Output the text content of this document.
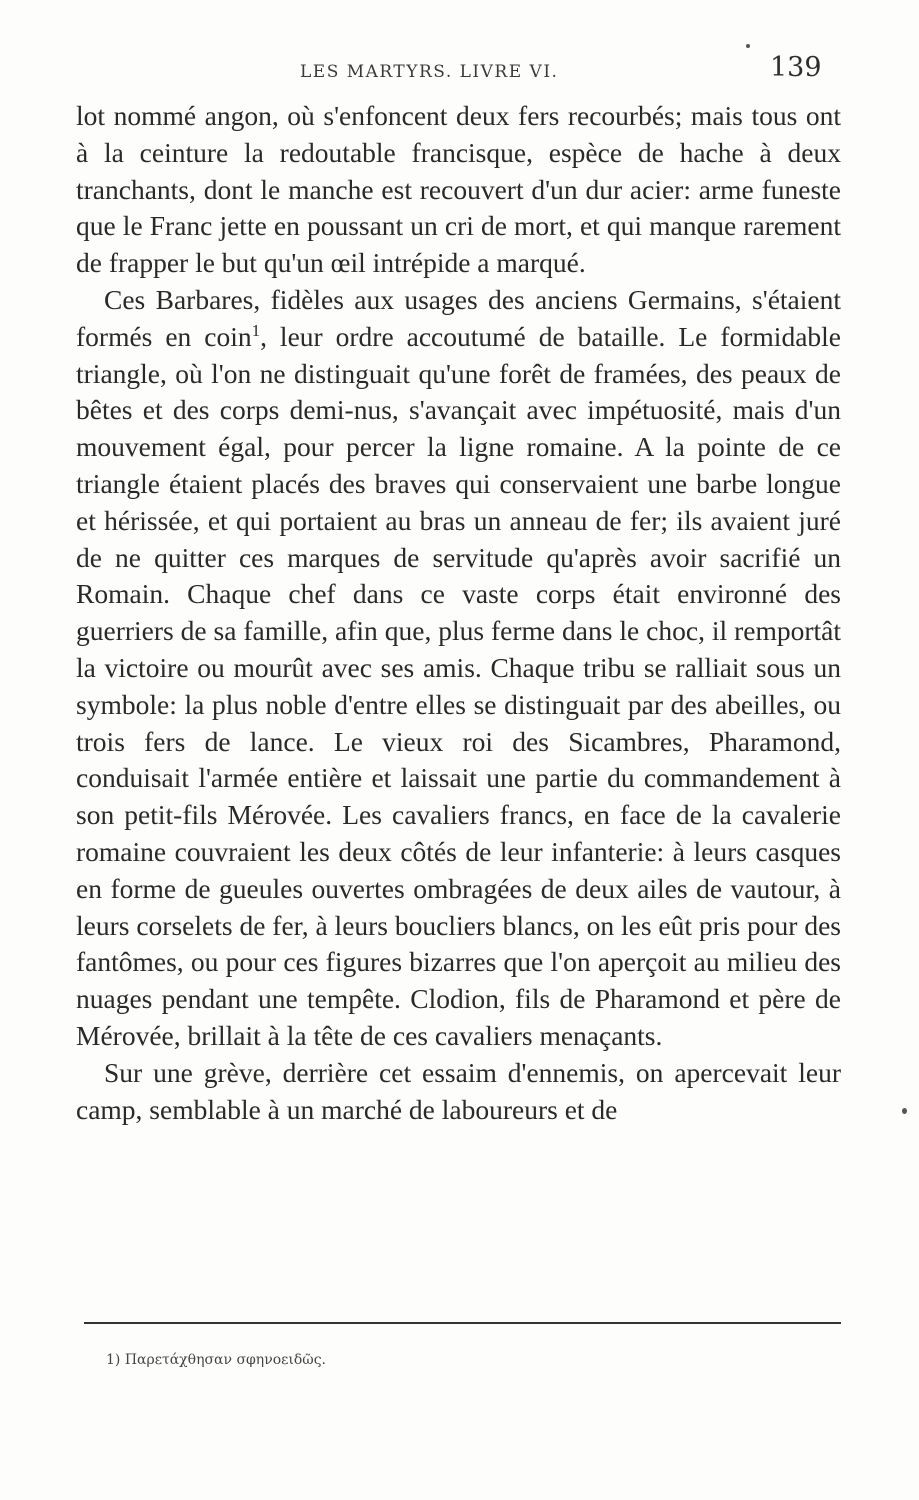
LES MARTYRS. LIVRE VI.	139

lot nommé angon, où s'enfoncent deux fers recourbés; mais tous ont à la ceinture la redoutable francisque, espèce de hache à deux tranchants, dont le manche est recouvert d'un dur acier: arme funeste que le Franc jette en poussant un cri de mort, et qui manque rarement de frapper le but qu'un œil intrépide a marqué.

Ces Barbares, fidèles aux usages des anciens Germains, s'étaient formés en coin$^1$, leur ordre accoutumé de bataille. Le formidable triangle, où l'on ne distinguait qu'une forêt de framées, des peaux de bêtes et des corps demi-nus, s'avançait avec impétuosité, mais d'un mouvement égal, pour percer la ligne romaine. A la pointe de ce triangle étaient placés des braves qui conservaient une barbe longue et hérissée, et qui portaient au bras un anneau de fer; ils avaient juré de ne quitter ces marques de servitude qu'après avoir sacrifié un Romain. Chaque chef dans ce vaste corps était environné des guerriers de sa famille, afin que, plus ferme dans le choc, il remportât la victoire ou mourût avec ses amis. Chaque tribu se ralliait sous un symbole: la plus noble d'entre elles se distinguait par des abeilles, ou trois fers de lance. Le vieux roi des Sicambres, Pharamond, conduisait l'armée entière et laissait une partie du commandement à son petit-fils Mérovée. Les cavaliers francs, en face de la cavalerie romaine couvraient les deux côtés de leur infanterie: à leurs casques en forme de gueules ouvertes ombragées de deux ailes de vautour, à leurs corselets de fer, à leurs boucliers blancs, on les eût pris pour des fantômes, ou pour ces figures bizarres que l'on aperçoit au milieu des nuages pendant une tempête. Clodion, fils de Pharamond et père de Mérovée, brillait à la tête de ces cavaliers menaçants.

Sur une grève, derrière cet essaim d'ennemis, on apercevait leur camp, semblable à un marché de laboureurs et de

1) Παρετάχθησαν σφηνοειδῶς.
